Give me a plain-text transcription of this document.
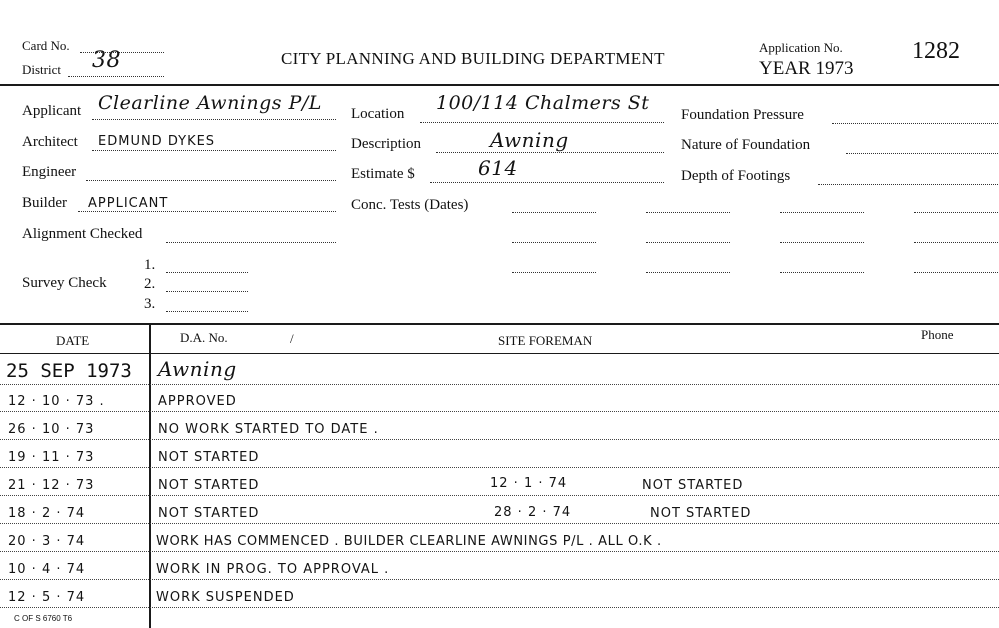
Card No.
District 38	CITY PLANNING AND BUILDING DEPARTMENT
Application No.
YEAR 1973
1282
Applicant Clearline Awnings P/L
Architect EDMUND DYKES
Engineer
Builder APPLICANT
Alignment Checked
Survey Check
1.
2.
3.
Location 100/114 Chalmers St
Description	Awning
Estimate $	614
Conc. Tests (Dates)
Foundation Pressure
Nature of Foundation
Depth of Footings
DATE	D.A. No.	/	SITE FOREMAN	Phone
25 SEP 1973 Awning
12 · 10 · 73 .	APPROVED
26 · 10 · 73	NO WORK STARTED TO DATE .
19 · 11 · 73	NOT STARTED
21 · 12 · 73	NOT STARTED	12 · 1 · 74	NOT STARTED
18 · 2 · 74	NOT STARTED	28 · 2 · 74	NOT STARTED
20 · 3 · 74	WORK HAS COMMENCED . BUILDER CLEARLINE AWNINGS P/L . ALL O.K .
10 · 4 · 74	WORK IN PROG. TO APPROVAL .
12 · 5 · 74	WORK SUSPENDED
C OF S 6760 T6
